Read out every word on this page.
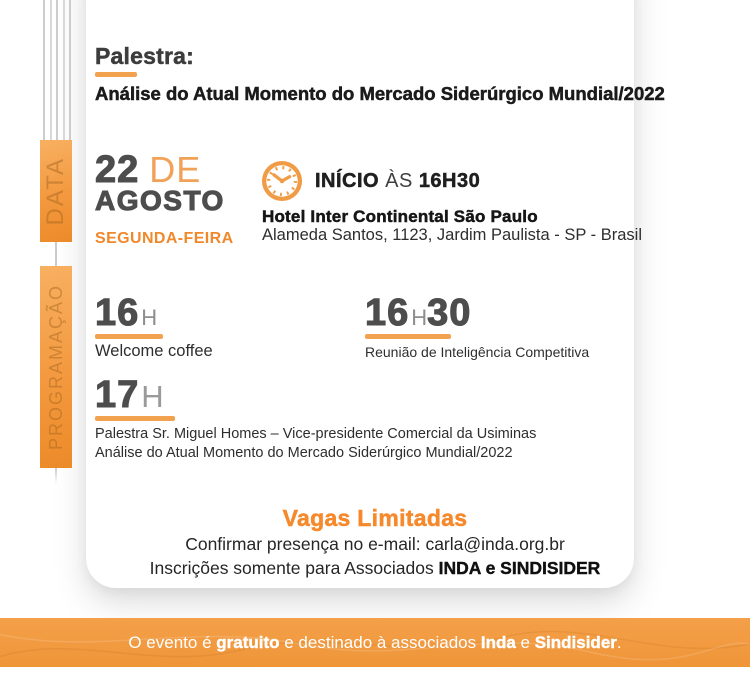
DATA
PROGRAMAÇÃO
Palestra:
Análise do Atual Momento do Mercado Siderúrgico Mundial/2022
22 DE
AGOSTO
SEGUNDA-FEIRA
INÍCIO ÀS 16H30
Hotel Inter Continental São Paulo
Alameda Santos, 1123, Jardim Paulista - SP - Brasil
16 H
Welcome coffee
16 H 30
Reunião de Inteligência Competitiva
17 H
Palestra Sr. Miguel Homes – Vice-presidente Comercial da Usiminas
Análise do Atual Momento do Mercado Siderúrgico Mundial/2022
Vagas Limitadas
Confirmar presença no e-mail: carla@inda.org.br
Inscrições somente para Associados INDA e SINDISIDER
O evento é gratuito e destinado à associados Inda e Sindisider.
